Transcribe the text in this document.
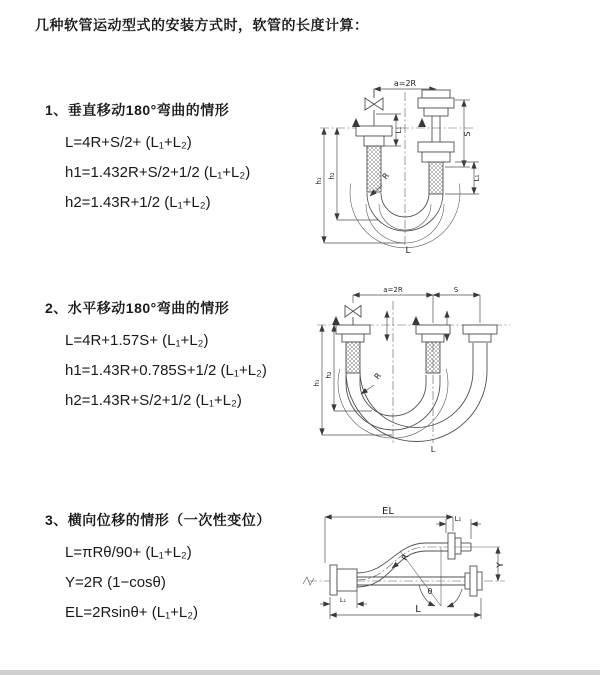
几种软管运动型式的安装方式时，软管的长度计算：
1、垂直移动180°弯曲的情形
L=4R+S/2+ (L₁+L₂)
h1=1.432R+S/2+1/2 (L₁+L₂)
h2=1.43R+1/2 (L₁+L₂)
2、水平移动180°弯曲的情形
L=4R+1.57S+ (L₁+L₂)
h1=1.43R+0.785S+1/2 (L₁+L₂)
h2=1.43R+S/2+1/2 (L₁+L₂)
3、横向位移的情形（一次性变位）
L=πRθ/90+ (L₁+L₂)
Y=2R (1−cosθ)
EL=2Rsinθ+ (L₁+L₂)
a=2R
S
L₁
L₁
h₂
h₁	R
L
a=2R	S
h₂
h₁
R
L
EL
L₁
θ
Y
R
L₁
L
